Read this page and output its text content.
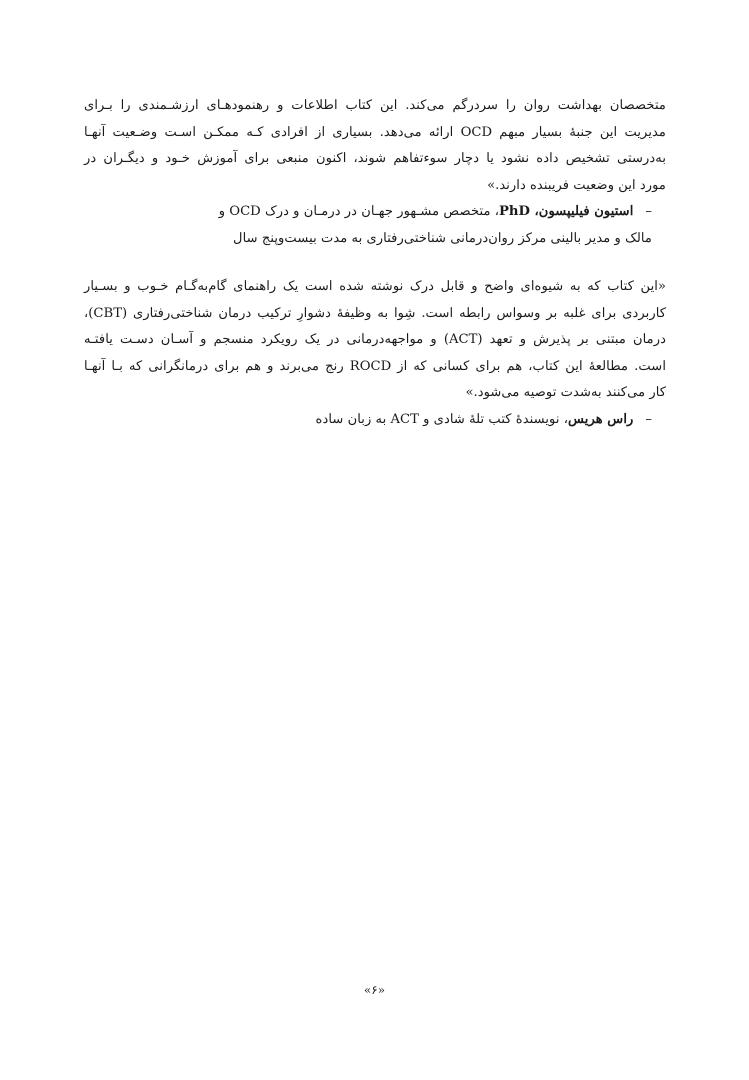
متخصصان بهداشت روان را سردرگم می‌کند. این کتاب اطلاعات و رهنمودهـای ارزشـمندی را بـرای
مدیریت این جنبهٔ بسیار مبهم OCD ارائه می‌دهد. بسیاری از افرادی کـه ممکـن اسـت وضـعیت آنهـا
به‌درستی تشخیص داده نشود یا دچار سوءتفاهم شوند، اکنون منبعی برای آموزش خـود و دیگـران در
مورد این وضعیت فریبنده دارند.»
–استیون فیلیپسون، PhD، متخصص مشـهور جهـان در درمـان و درک OCD و
مالک و مدیر بالینی مرکز روان‌درمانی شناختی‌رفتاری به مدت بیست‌وپنج سال
«این کتاب که به شیوه‌ای واضح و قابل درک نوشته شده است یک راهنمای گام‌به‌گـام خـوب و بسـیار
کاربردی برای غلبه بر وسواس رابطه است. شِوا به وظیفهٔ دشوارِ ترکیب درمان شناختی‌رفتاری (CBT)،
درمان مبتنی بر پذیرش و تعهد (ACT) و مواجهه‌درمانی در یک رویکرد منسجم و آسـان دسـت یافتـه
است. مطالعهٔ این کتاب، هم برای کسانی که از ROCD رنج می‌برند و هم برای درمانگرانی که بـا آنهـا
کار می‌کنند به‌شدت توصیه می‌شود.»
–راس هریس، نویسندهٔ کتب تلهٔ شادی و ACT به زبان ساده
«۶»
